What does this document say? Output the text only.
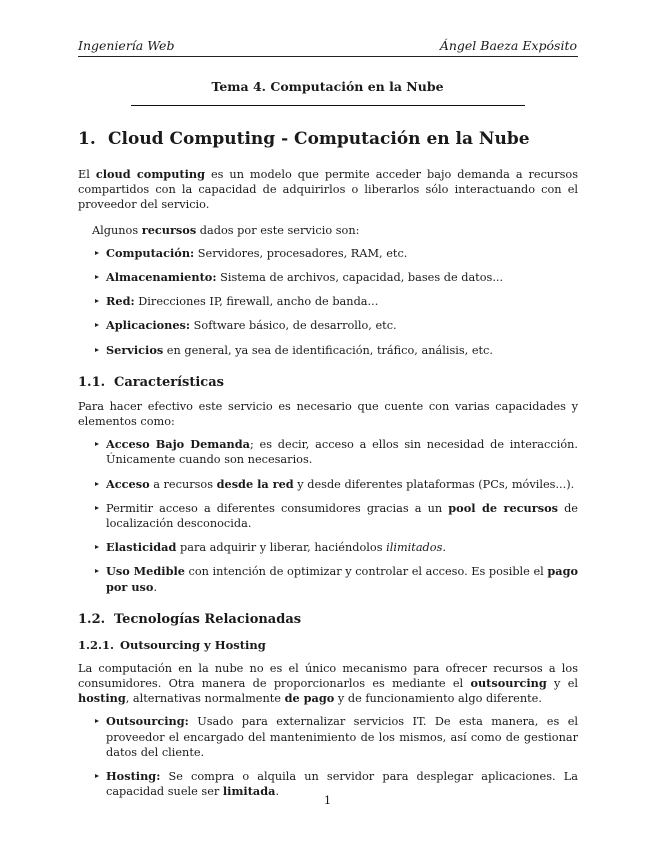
Ingeniería Web	Ángel Baeza Expósito
Tema 4. Computación en la Nube
1. Cloud Computing - Computación en la Nube

El cloud computing es un modelo que permite acceder bajo demanda a recursos compartidos con la capacidad de adquirirlos o liberarlos sólo interactuando con el proveedor del servicio.

Algunos recursos dados por este servicio son:

Computación: Servidores, procesadores, RAM, etc.
Almacenamiento: Sistema de archivos, capacidad, bases de datos...
Red: Direcciones IP, firewall, ancho de banda...
Aplicaciones: Software básico, de desarrollo, etc.
Servicios en general, ya sea de identificación, tráfico, análisis, etc.
1.1. Características

Para hacer efectivo este servicio es necesario que cuente con varias capacidades y elementos como:

Acceso Bajo Demanda; es decir, acceso a ellos sin necesidad de interacción. Únicamente cuando son necesarios.
Acceso a recursos desde la red y desde diferentes plataformas (PCs, móviles...).
Permitir acceso a diferentes consumidores gracias a un pool de recursos de localización desconocida.
Elasticidad para adquirir y liberar, haciéndolos ilimitados.
Uso Medible con intención de optimizar y controlar el acceso. Es posible el pago por uso.
1.2. Tecnologías Relacionadas
1.2.1. Outsourcing y Hosting

La computación en la nube no es el único mecanismo para ofrecer recursos a los consumidores. Otra manera de proporcionarlos es mediante el outsourcing y el hosting, alternativas normalmente de pago y de funcionamiento algo diferente.

Outsourcing: Usado para externalizar servicios IT. De esta manera, es el proveedor el encargado del mantenimiento de los mismos, así como de gestionar datos del cliente.
Hosting: Se compra o alquila un servidor para desplegar aplicaciones. La capacidad suele ser limitada.
1
